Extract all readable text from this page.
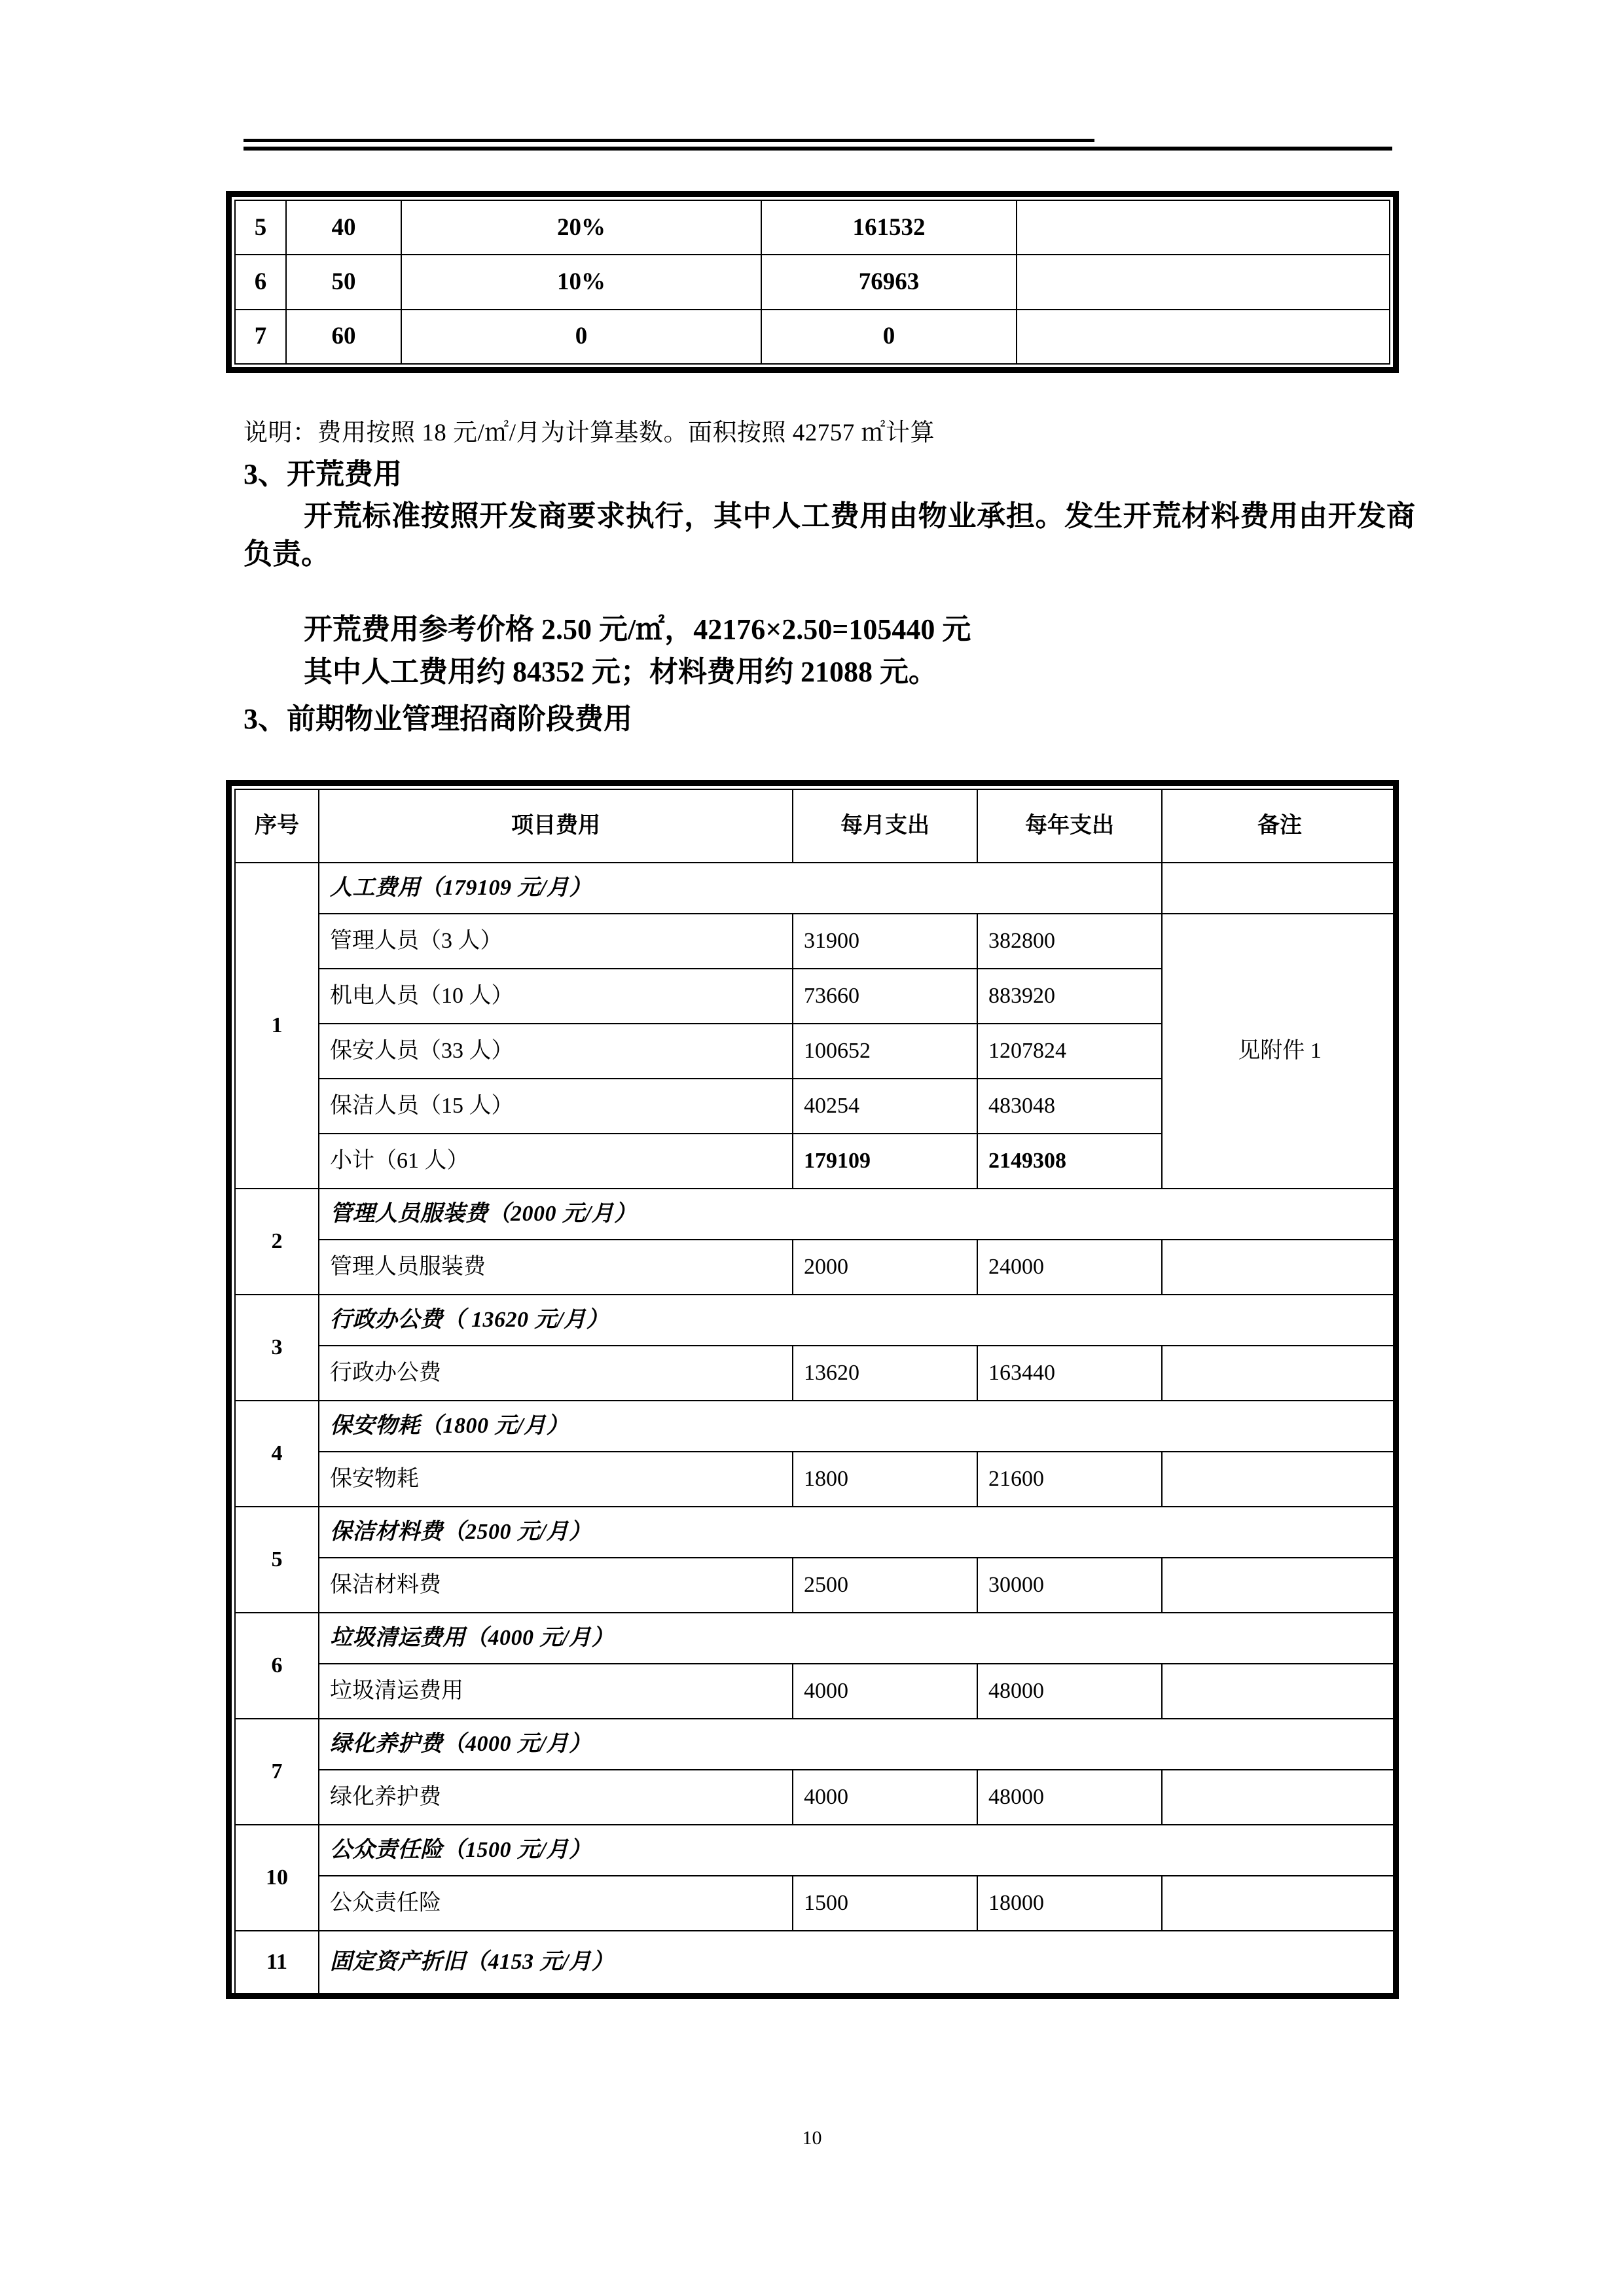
5	40	20%	161532	
6	50	10%	76963	
7	60	0	0	
说明：费用按照 18 元/㎡/月为计算基数。面积按照 42757 ㎡计算
3、开荒费用
开荒标准按照开发商要求执行，其中人工费用由物业承担。发生开荒材料费用由开发商负责。
开荒费用参考价格 2.50 元/㎡，42176×2.50=105440 元
其中人工费用约 84352 元；材料费用约 21088 元。
3、前期物业管理招商阶段费用
序号	项目费用	每月支出	每年支出	备注
1	人工费用（179109 元/月）			
	管理人员（3 人）	31900	382800	见附件 1
	机电人员（10 人）	73660	883920	
	保安人员（33 人）	100652	1207824	
	保洁人员（15 人）	40254	483048	
	小计（61 人）	179109	2149308	
2	管理人员服装费（2000 元/月）			
	管理人员服装费	2000	24000	
3	行政办公费（ 13620 元/月）			
	行政办公费	13620	163440	
4	保安物耗（1800 元/月）			
	保安物耗	1800	21600	
5	保洁材料费（2500 元/月）			
	保洁材料费	2500	30000	
6	垃圾清运费用（4000 元/月）			
	垃圾清运费用	4000	48000	
7	绿化养护费（4000 元/月）			
	绿化养护费	4000	48000	
10	公众责任险（1500 元/月）			
	公众责任险	1500	18000	
11	固定资产折旧（4153 元/月）			
10
